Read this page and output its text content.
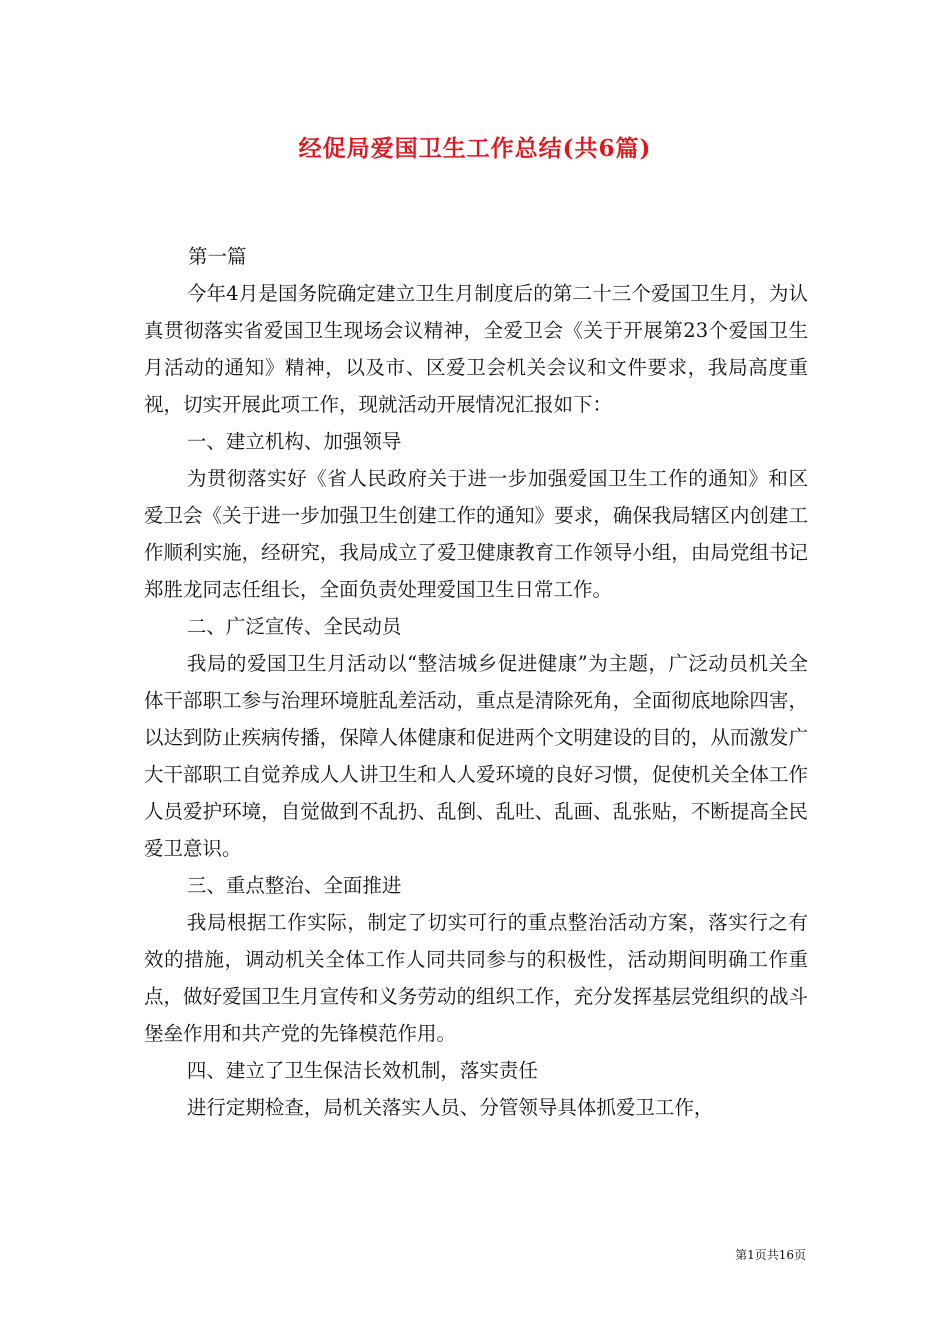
经促局爱国卫生工作总结(共6篇)
第一篇
今年4月是国务院确定建立卫生月制度后的第二十三个爱国卫生月，为认真贯彻落实省爱国卫生现场会议精神，全爱卫会《关于开展第23个爱国卫生月活动的通知》精神，以及市、区爱卫会机关会议和文件要求，我局高度重视，切实开展此项工作，现就活动开展情况汇报如下：
一、建立机构、加强领导
为贯彻落实好《省人民政府关于进一步加强爱国卫生工作的通知》和区爱卫会《关于进一步加强卫生创建工作的通知》要求，确保我局辖区内创建工作顺利实施，经研究，我局成立了爱卫健康教育工作领导小组，由局党组书记郑胜龙同志任组长，全面负责处理爱国卫生日常工作。
二、广泛宣传、全民动员
我局的爱国卫生月活动以“整洁城乡促进健康”为主题，广泛动员机关全体干部职工参与治理环境脏乱差活动，重点是清除死角，全面彻底地除四害，以达到防止疾病传播，保障人体健康和促进两个文明建设的目的，从而激发广大干部职工自觉养成人人讲卫生和人人爱环境的良好习惯，促使机关全体工作人员爱护环境，自觉做到不乱扔、乱倒、乱吐、乱画、乱张贴，不断提高全民爱卫意识。
三、重点整治、全面推进
我局根据工作实际，制定了切实可行的重点整治活动方案，落实行之有效的措施，调动机关全体工作人同共同参与的积极性，活动期间明确工作重点，做好爱国卫生月宣传和义务劳动的组织工作，充分发挥基层党组织的战斗堡垒作用和共产党的先锋模范作用。
四、建立了卫生保洁长效机制，落实责任
进行定期检查，局机关落实人员、分管领导具体抓爱卫工作，
第1页共16页
